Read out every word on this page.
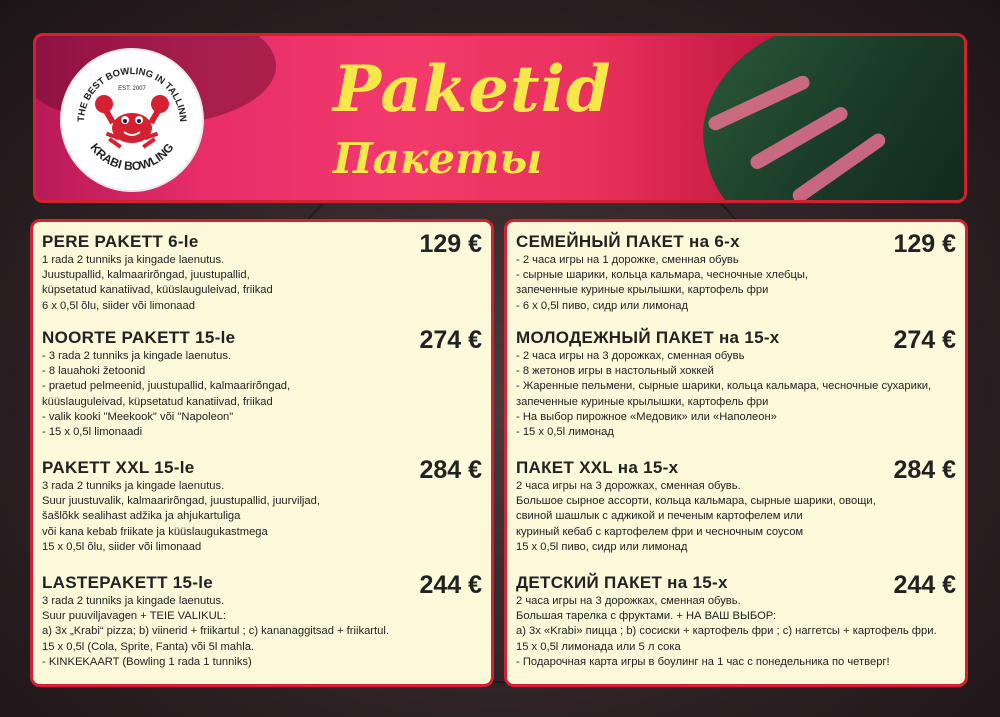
THE BEST BOWLING IN TALLINN
EST. 2007
KRABI BOWLING
Paketid
Пакеты
PERE PAKETT 6-le	129 €
1 rada 2 tunniks ja kingade laenutus.
Juustupallid, kalmaarirõngad, juustupallid,
küpsetatud kanatiivad, küüslauguleivad, friikad
6 x 0,5l õlu, siider või limonaad
NOORTE PAKETT 15-le	274 €
- 3 rada 2 tunniks ja kingade laenutus.
- 8 lauahoki žetoonid
- praetud pelmeenid, juustupallid, kalmaarirõngad,
küüslauguleivad, küpsetatud kanatiivad, friikad
- valik kooki "Meekook" või "Napoleon"
- 15 x 0,5l limonaadi
PAKETT XXL 15-le	284 €
3 rada 2 tunniks ja kingade laenutus.
Suur juustuvalik, kalmaarirõngad, juustupallid, juurviljad,
šašlõkk sealihast adžika ja ahjukartuliga
või kana kebab friikate ja küüslaugukastmega
15 x 0,5l õlu, siider või limonaad
LASTEPAKETT 15-le	244 €
3 rada 2 tunniks ja kingade laenutus.
Suur puuviljavagen + TEIE VALIKUL:
a) 3x „Krabi“ pizza; b) viinerid + friikartul ; c) kananaggitsad + friikartul.
15 x 0,5l (Cola, Sprite, Fanta) või 5l mahla.
- KINKEKAART (Bowling 1 rada 1 tunniks)
СЕМЕЙНЫЙ ПАКЕТ на 6-х	129 €
- 2 часа игры на 1 дорожке, сменная обувь
- сырные шарики, кольца кальмара, чесночные хлебцы,
запеченные куриные крылышки, картофель фри
- 6 x 0,5l пиво, сидр или лимонад
МОЛОДЕЖНЫЙ ПАКЕТ на 15-х	274 €
- 2 часа игры на 3 дорожках, сменная обувь
- 8 жетонов игры в настольный хоккей
- Жаренные пельмени, сырные шарики, кольца кальмара, чесночные сухарики,
запеченные куриные крылышки, картофель фри
- На выбор пирожное «Медовик» или «Наполеон»
- 15 x 0,5l лимонад
ПАКЕТ XXL на 15-х	284 €
2 часа игры на 3 дорожках, сменная обувь.
Большое сырное ассорти, кольца кальмара, сырные шарики, овощи,
свиной шашлык с аджикой и печеным картофелем или
куриный кебаб с картофелем фри и чесночным соусом
15 x 0,5l пиво, сидр или лимонад
ДЕТСКИЙ ПАКЕТ на 15-х	244 €
2 часа игры на 3 дорожках, сменная обувь.
Большая тарелка с фруктами. + НА ВАШ ВЫБОР:
a) 3x «Krabi» пицца ; b) сосиски + картофель фри ; c) наггетсы + картофель фри.
15 x 0,5l лимонада или 5 л сока
- Подарочная карта игры в боулинг на 1 час с понедельника по четверг!
